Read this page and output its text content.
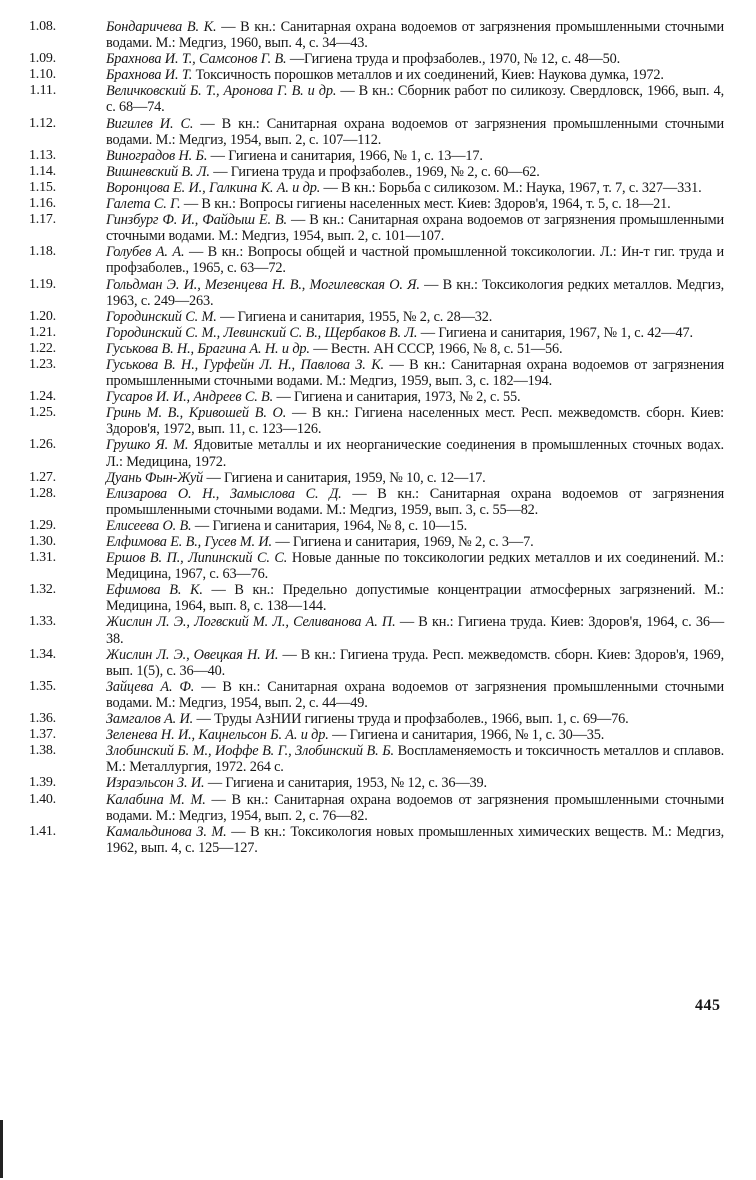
1.08.	Бондаричева В. К. — В кн.: Санитарная охрана водоемов от загрязнения промышленными сточными водами. М.: Медгиз, 1960, вып. 4, с. 34—43.
1.09.	Брахнова И. Т., Самсонов Г. В. —Гигиена труда и профзаболев., 1970, № 12, с. 48—50.
1.10.	Брахнова И. Т. Токсичность порошков металлов и их соединений, Киев: Наукова думка, 1972.
1.11.	Величковский Б. Т., Аронова Г. В. и др. — В кн.: Сборник работ по силикозу. Свердловск, 1966, вып. 4, с. 68—74.
1.12.	Вигилев И. С. — В кн.: Санитарная охрана водоемов от загрязнения промышленными сточными водами. М.: Медгиз, 1954, вып. 2, с. 107—112.
1.13.	Виноградов Н. Б. — Гигиена и санитария, 1966, № 1, с. 13—17.
1.14.	Вишневский В. Л. — Гигиена труда и профзаболев., 1969, № 2, с. 60—62.
1.15.	Воронцова Е. И., Галкина К. А. и др. — В кн.: Борьба с силикозом. М.: Наука, 1967, т. 7, с. 327—331.
1.16.	Галета С. Г. — В кн.: Вопросы гигиены населенных мест. Киев: Здоров'я, 1964, т. 5, с. 18—21.
1.17.	Гинзбург Ф. И., Файдыш Е. В. — В кн.: Санитарная охрана водоемов от загрязнения промышленными сточными водами. М.: Медгиз, 1954, вып. 2, с. 101—107.
1.18.	Голубев А. А. — В кн.: Вопросы общей и частной промышленной токсикологии. Л.: Ин-т гиг. труда и профзаболев., 1965, с. 63—72.
1.19.	Гольдман Э. И., Мезенцева Н. В., Могилевская О. Я. — В кн.: Токсикология редких металлов. Медгиз, 1963, с. 249—263.
1.20.	Городинский С. М. — Гигиена и санитария, 1955, № 2, с. 28—32.
1.21.	Городинский С. М., Левинский С. В., Щербаков В. Л. — Гигиена и санитария, 1967, № 1, с. 42—47.
1.22.	Гуськова В. Н., Брагина А. Н. и др. — Вестн. АН СССР, 1966, № 8, с. 51—56.
1.23.	Гуськова В. Н., Гурфейн Л. Н., Павлова З. К. — В кн.: Санитарная охрана водоемов от загрязнения промышленными сточными водами. М.: Медгиз, 1959, вып. 3, с. 182—194.
1.24.	Гусаров И. И., Андреев С. В. — Гигиена и санитария, 1973, № 2, с. 55.
1.25.	Гринь М. В., Кривошей В. О. — В кн.: Гигиена населенных мест. Респ. межведомств. сборн. Киев: Здоров'я, 1972, вып. 11, с. 123—126.
1.26.	Грушко Я. М. Ядовитые металлы и их неорганические соединения в промышленных сточных водах. Л.: Медицина, 1972.
1.27.	Дуань Фын-Жуй — Гигиена и санитария, 1959, № 10, с. 12—17.
1.28.	Елизарова О. Н., Замыслова С. Д. — В кн.: Санитарная охрана водоемов от загрязнения промышленными сточными водами. М.: Медгиз, 1959, вып. 3, с. 55—82.
1.29.	Елисеева О. В. — Гигиена и санитария, 1964, № 8, с. 10—15.
1.30.	Елфимова Е. В., Гусев М. И. — Гигиена и санитария, 1969, № 2, с. 3—7.
1.31.	Ершов В. П., Липинский С. С. Новые данные по токсикологии редких металлов и их соединений. М.: Медицина, 1967, с. 63—76.
1.32.	Ефимова В. К. — В кн.: Предельно допустимые концентрации атмосферных загрязнений. М.: Медицина, 1964, вып. 8, с. 138—144.
1.33.	Жислин Л. Э., Логвский М. Л., Селиванова А. П. — В кн.: Гигиена труда. Киев: Здоров'я, 1964, с. 36—38.
1.34.	Жислин Л. Э., Овецкая Н. И. — В кн.: Гигиена труда. Респ. межведомств. сборн. Киев: Здоров'я, 1969, вып. 1(5), с. 36—40.
1.35.	Зайцева А. Ф. — В кн.: Санитарная охрана водоемов от загрязнения промышленными сточными водами. М.: Медгиз, 1954, вып. 2, с. 44—49.
1.36.	Замгалов А. И. — Труды АзНИИ гигиены труда и профзаболев., 1966, вып. 1, с. 69—76.
1.37.	Зеленева Н. И., Кацнельсон Б. А. и др. — Гигиена и санитария, 1966, № 1, с. 30—35.
1.38.	Злобинский Б. М., Иоффе В. Г., Злобинский В. Б. Воспламеняемость и токсичность металлов и сплавов. М.: Металлургия, 1972. 264 с.
1.39.	Израэльсон З. И. — Гигиена и санитария, 1953, № 12, с. 36—39.
1.40.	Калабина М. М. — В кн.: Санитарная охрана водоемов от загрязнения промышленными сточными водами. М.: Медгиз, 1954, вып. 2, с. 76—82.
1.41.	Камальдинова З. М. — В кн.: Токсикология новых промышленных химических веществ. М.: Медгиз, 1962, вып. 4, с. 125—127.
445
